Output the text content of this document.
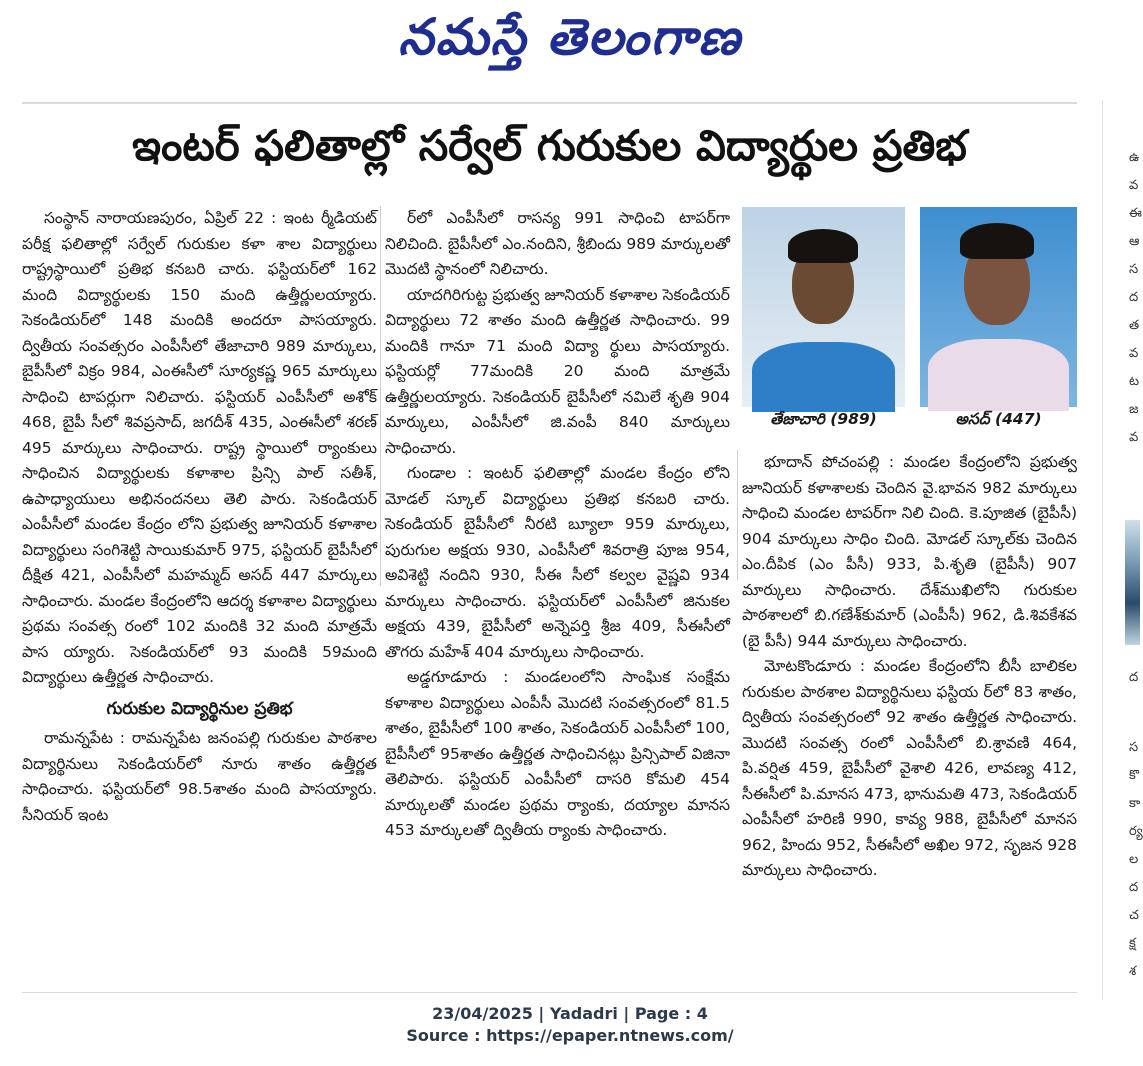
నమస్తే తెలంగాణ
ఇంటర్ ఫలితాల్లో సర్వేల్ గురుకుల విద్యార్థుల ప్రతిభ

సంస్థాన్ నారాయణపురం, ఏప్రిల్ 22 : ఇంట ర్మీడియట్ పరీక్ష ఫలితాల్లో సర్వేల్ గురుకుల కళా శాల విద్యార్థులు రాష్ట్రస్థాయిలో ప్రతిభ కనబరి చారు. ఫస్టియర్‌లో 162 మంది విద్యార్థులకు 150 మంది ఉత్తీర్ణులయ్యారు. సెకండియర్‌లో 148 మందికి అందరూ పాసయ్యారు. ద్వితీయ సంవత్సరం ఎంపీసీలో తేజాచారి 989 మార్కులు, బైపీసీలో విక్రం 984, ఎంఈసీలో సూర్యకష్ణ 965 మార్కులు సాధించి టాపర్లుగా నిలిచారు. ఫస్టియర్ ఎంపీసీలో అశోక్ 468, బైపీ సీలో శివప్రసాద్, జగదీశ్ 435, ఎంఈసీలో శరణ్ 495 మార్కులు సాధించారు. రాష్ట్ర స్థాయిలో ర్యాంకులు సాధించిన విద్యార్థులకు కళాశాల ప్రిన్సి పాల్ సతీశ్, ఉపాధ్యాయులు అభినందనలు తెలి పారు. సెకండియర్ ఎంపీసీలో మండల కేంద్రం లోని ప్రభుత్వ జూనియర్ కళాశాల విద్యార్థులు సంగిశెట్టి సాయికుమార్ 975, ఫస్టియర్ బైపీసీలో దీక్షిత 421, ఎంపీసీలో మహమ్మద్ అసద్ 447 మార్కులు సాధించారు. మండల కేంద్రంలోని ఆదర్శ కళాశాల విద్యార్థులు ప్రథమ సంవత్స రంలో 102 మందికి 32 మంది మాత్రమే పాస య్యారు. సెకండియర్‌లో 93 మందికి 59మంది విద్యార్థులు ఉత్తీర్ణత సాధించారు.

గురుకుల విద్యార్థినుల ప్రతిభ

రామన్నపేట : రామన్నపేట జనంపల్లి గురుకుల పాఠశాల విద్యార్థినులు సెకండియర్‌లో నూరు శాతం ఉత్తీర్ణత సాధించారు. ఫస్టియర్‌లో 98.5శాతం మంది పాసయ్యారు. సీనియర్ ఇంట

ర్‌లో ఎంపీసీలో రాసన్య 991 సాధించి టాపర్‌గా నిలిచింది. బైపీసీలో ఎం.నందిని, శ్రీబిందు 989 మార్కులతో మొదటి స్థానంలో నిలిచారు.

యాదగిరిగుట్ట ప్రభుత్వ జూనియర్ కళాశాల సెకండియర్ విద్యార్థులు 72 శాతం మంది ఉత్తీర్ణత సాధించారు. 99 మందికి గానూ 71 మంది విద్యా ర్థులు పాసయ్యారు. ఫస్టియర్లో 77మందికి 20 మంది మాత్రమే ఉత్తీర్ణులయ్యారు. సెకండియర్ బైపీసీలో నమిలే శృతి 904 మార్కులు, ఎంపీసీలో జి.వంపీ 840 మార్కులు సాధించారు.

గుండాల : ఇంటర్ ఫలితాల్లో మండల కేంద్రం లోని మోడల్ స్కూల్ విద్యార్థులు ప్రతిభ కనబరి చారు. సెకండియర్ బైపీసీలో నీరటి బ్యూలా 959 మార్కులు, పురుగుల అక్షయ 930, ఎంపీసీలో శివరాత్రి పూజ 954, అవిశెట్టి నందిని 930, సీఈ సీలో కల్వల వైష్ణవి 934 మార్కులు సాధించారు. ఫస్టియర్‌లో ఎంపీసీలో జినుకల అక్షయ 439, బైపీసీలో అన్నెపర్తి శ్రీజ 409, సీఈసీలో తొగరు మహేశ్ 404 మార్కులు సాధించారు.

అడ్డగూడూరు : మండలంలోని సాంఘిక సంక్షేమ కళాశాల విద్యార్థులు ఎంపీసీ మొదటి సంవత్సరంలో 81.5 శాతం, బైపీసీలో 100 శాతం, సెకండియర్ ఎంపీసీలో 100, బైపీసీలో 95శాతం ఉత్తీర్ణత సాధించినట్లు ప్రిన్సిపాల్ విజినా తెలిపారు. ఫస్టియర్ ఎంపీసీలో దాసరి కోమలి 454 మార్కులతో మండల ప్రథమ ర్యాంకు, దయ్యాల మానస 453 మార్కులతో ద్వితీయ ర్యాంకు సాధించారు.

తేజాచారి (989)	అసద్ (447)

భూదాన్ పోచంపల్లి : మండల కేంద్రంలోని ప్రభుత్వ జూనియర్ కళాశాలకు చెందిన వై.భావన 982 మార్కులు సాధించి మండల టాపర్‌గా నిలి చింది. కె.పూజిత (బైపీసీ) 904 మార్కులు సాధిం చింది. మోడల్ స్కూల్‌కు చెందిన ఎం.దీపిక (ఎం పీసీ) 933, పి.శృతి (బైపీసీ) 907 మార్కులు సాధించారు. దేశ్‌ముఖిలోని గురుకుల పాఠశాలలో బి.గణేశ్‌కుమార్ (ఎంపీసీ) 962, డి.శివకేశవ (బై పీసీ) 944 మార్కులు సాధించారు.

మోటకొండూరు : మండల కేంద్రంలోని బీసీ బాలికల గురుకుల పాఠశాల విద్యార్థినులు ఫస్టియ ర్‌లో 83 శాతం, ద్వితీయ సంవత్సరంలో 92 శాతం ఉత్తీర్ణత సాధించారు. మొదటి సంవత్స రంలో ఎంపీసీలో బి.శ్రావణి 464, పి.వర్షిత 459, బైపీసీలో వైశాలి 426, లావణ్య 412, సీఈసీలో పి.మానస 473, భానుమతి 473, సెకండియర్ ఎంపీసీలో హరిణి 990, కావ్య 988, బైపీసీలో మానస 962, హిందు 952, సీఈసీలో అఖిల 972, సృజన 928 మార్కులు సాధించారు.

ఉ
వ
ఈ
ఆ
స
ద
త
వ
ట
జ
వ
ద
స
కొ
కా
ర్య
ల
ద
చ
క్ష
శ
23/04/2025 | Yadadri | Page : 4
Source : https://epaper.ntnews.com/
